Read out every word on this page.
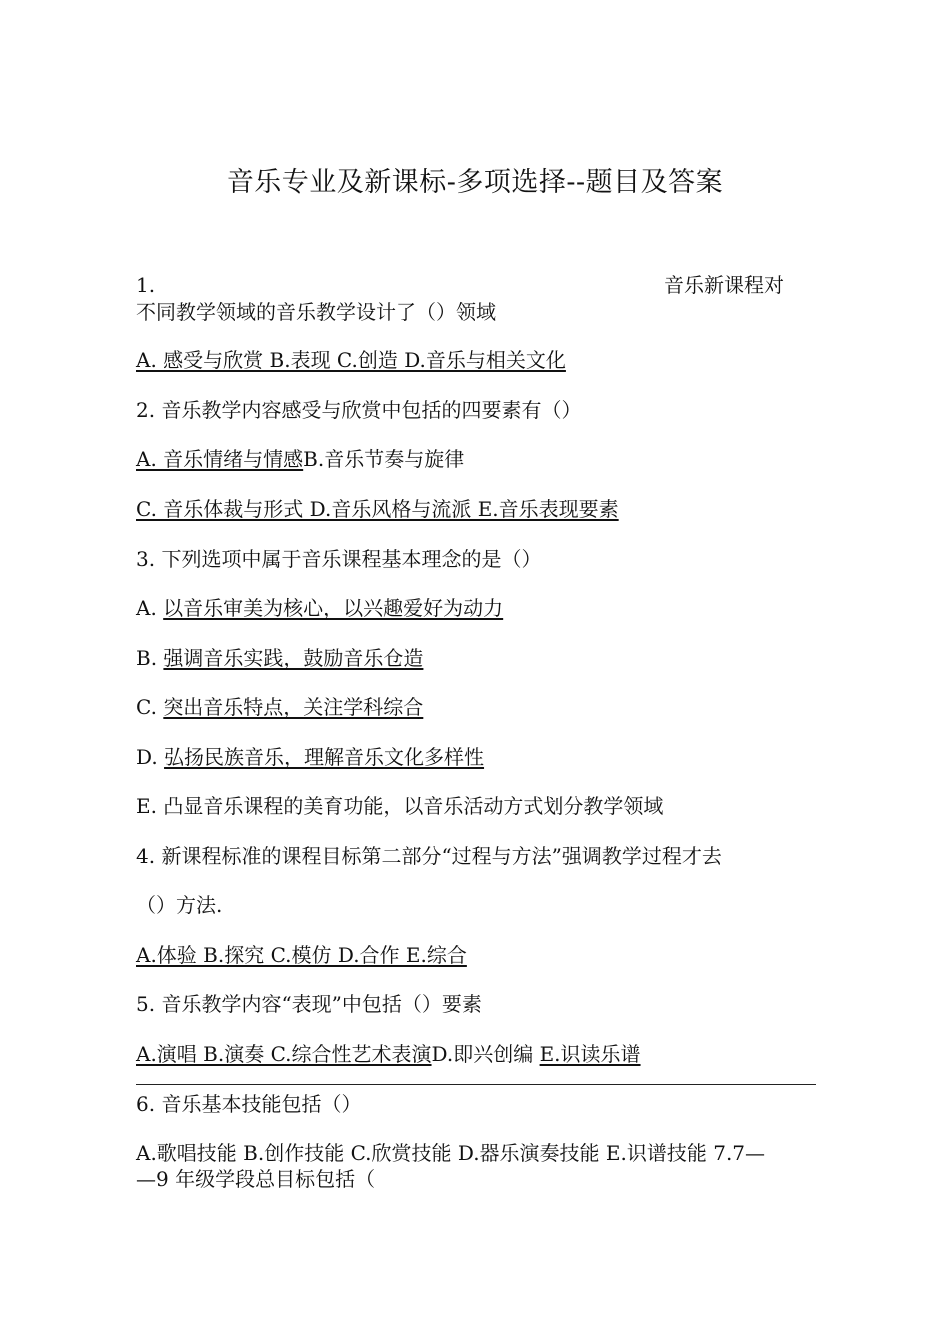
音乐专业及新课标-多项选择--题目及答案
1.	音乐新课程对
不同教学领域的音乐教学设计了（）领域
A. 感受与欣赏 B.表现 C.创造 D.音乐与相关文化
2. 音乐教学内容感受与欣赏中包括的四要素有（）
A. 音乐情绪与情感B.音乐节奏与旋律
C. 音乐体裁与形式 D.音乐风格与流派 E.音乐表现要素
3. 下列选项中属于音乐课程基本理念的是（）
A. 以音乐审美为核心，以兴趣爱好为动力
B. 强调音乐实践，鼓励音乐仓造
C. 突出音乐特点，关注学科综合
D. 弘扬民族音乐，理解音乐文化多样性
E. 凸显音乐课程的美育功能，以音乐活动方式划分教学领域
4. 新课程标准的课程目标第二部分“过程与方法”强调教学过程才去
（）方法.
A.体验 B.探究 C.模仿 D.合作 E.综合
5. 音乐教学内容“表现”中包括（）要素
A.演唱 B.演奏 C.综合性艺术表演D.即兴创编 E.识读乐谱
6. 音乐基本技能包括（）
A.歌唱技能 B.创作技能 C.欣赏技能 D.器乐演奏技能 E.识谱技能 7.7—
—9 年级学段总目标包括（
